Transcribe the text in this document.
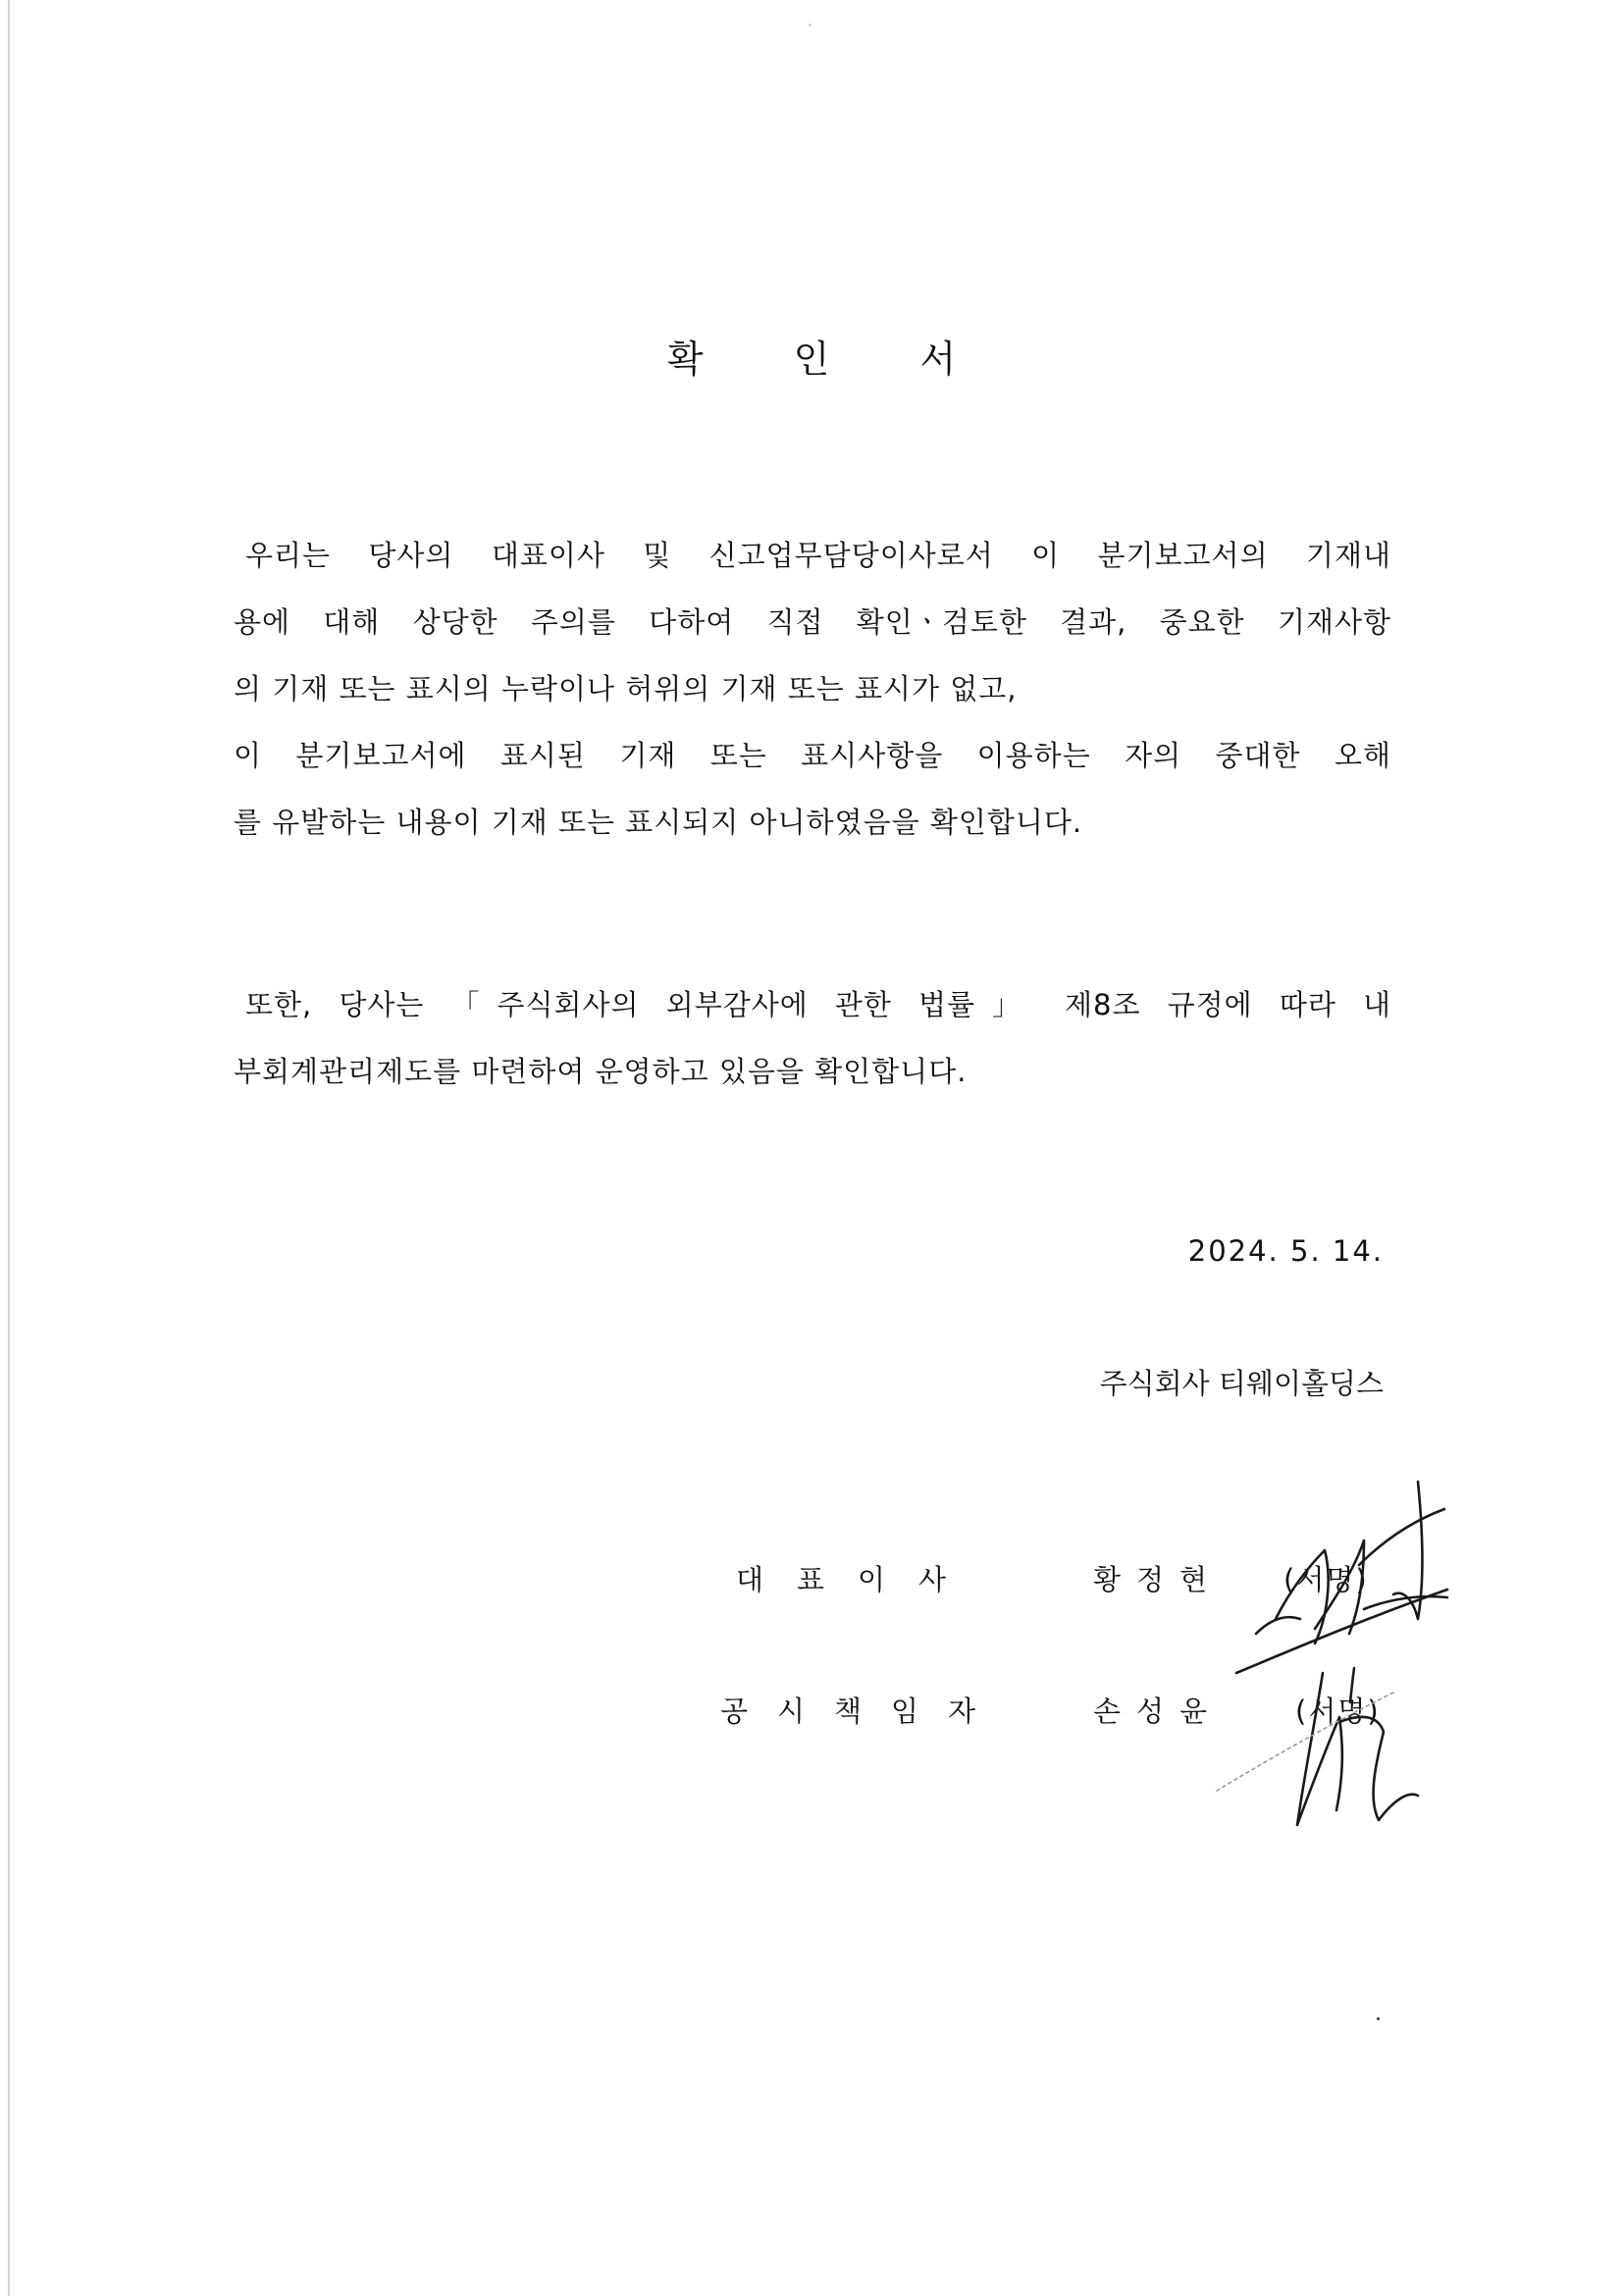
확 인 서
우리는 당사의 대표이사 및 신고업무담당이사로서 이 분기보고서의 기재내
용에 대해 상당한 주의를 다하여 직접 확인ㆍ검토한 결과, 중요한 기재사항
의 기재 또는 표시의 누락이나 허위의 기재 또는 표시가 없고,
이 분기보고서에 표시된 기재 또는 표시사항을 이용하는 자의 중대한 오해
를 유발하는 내용이 기재 또는 표시되지 아니하였음을 확인합니다.
또한, 당사는 「주식회사의 외부감사에 관한 법률」 제8조 규정에 따라 내
부회계관리제도를 마련하여 운영하고 있음을 확인합니다.
2024. 5. 14.
주식회사 티웨이홀딩스
대표이사	황정현 (서명)
공시책임자	손성윤	(서명)
